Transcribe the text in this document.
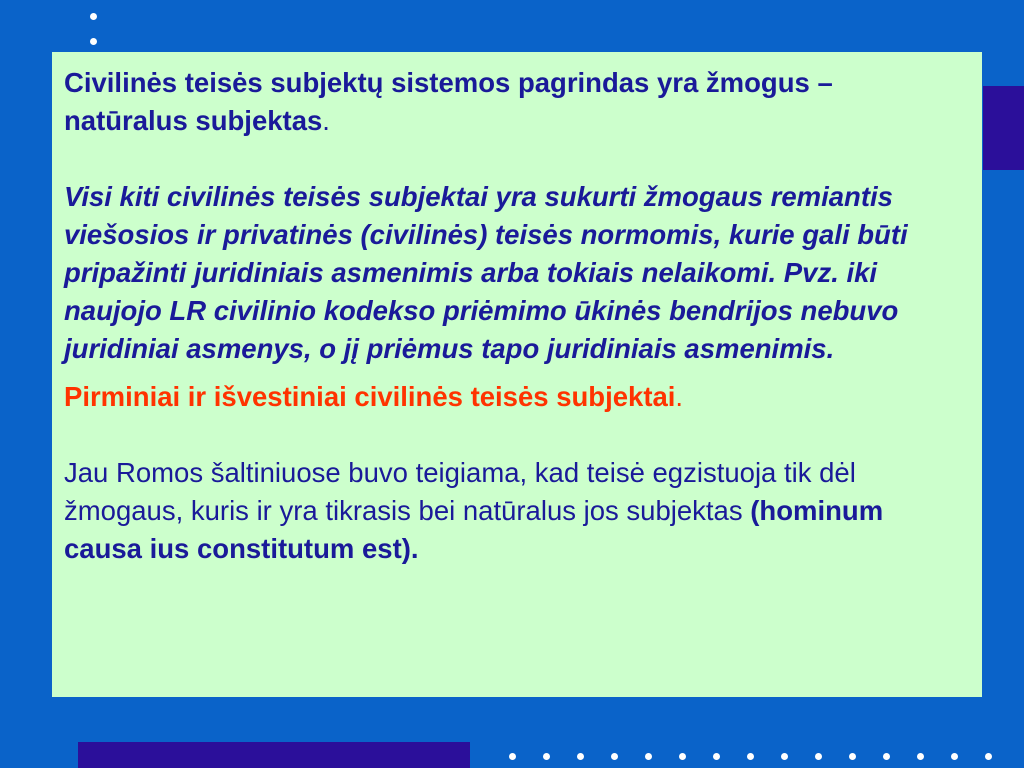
Civilinės teisės subjektų sistemos pagrindas yra žmogus – natūralus subjektas.

Visi kiti civilinės teisės subjektai yra sukurti žmogaus remiantis viešosios ir privatinės (civilinės) teisės normomis, kurie gali būti pripažinti juridiniais asmenimis arba tokiais nelaikomi. Pvz. iki naujojo LR civilinio kodekso priėmimo ūkinės bendrijos nebuvo juridiniai asmenys, o jį priėmus tapo juridiniais asmenimis.

Pirminiai ir išvestiniai civilinės teisės subjektai.

Jau Romos šaltiniuose buvo teigiama, kad teisė egzistuoja tik dėl žmogaus, kuris ir yra tikrasis bei natūralus jos subjektas (hominum causa ius constitutum est).
